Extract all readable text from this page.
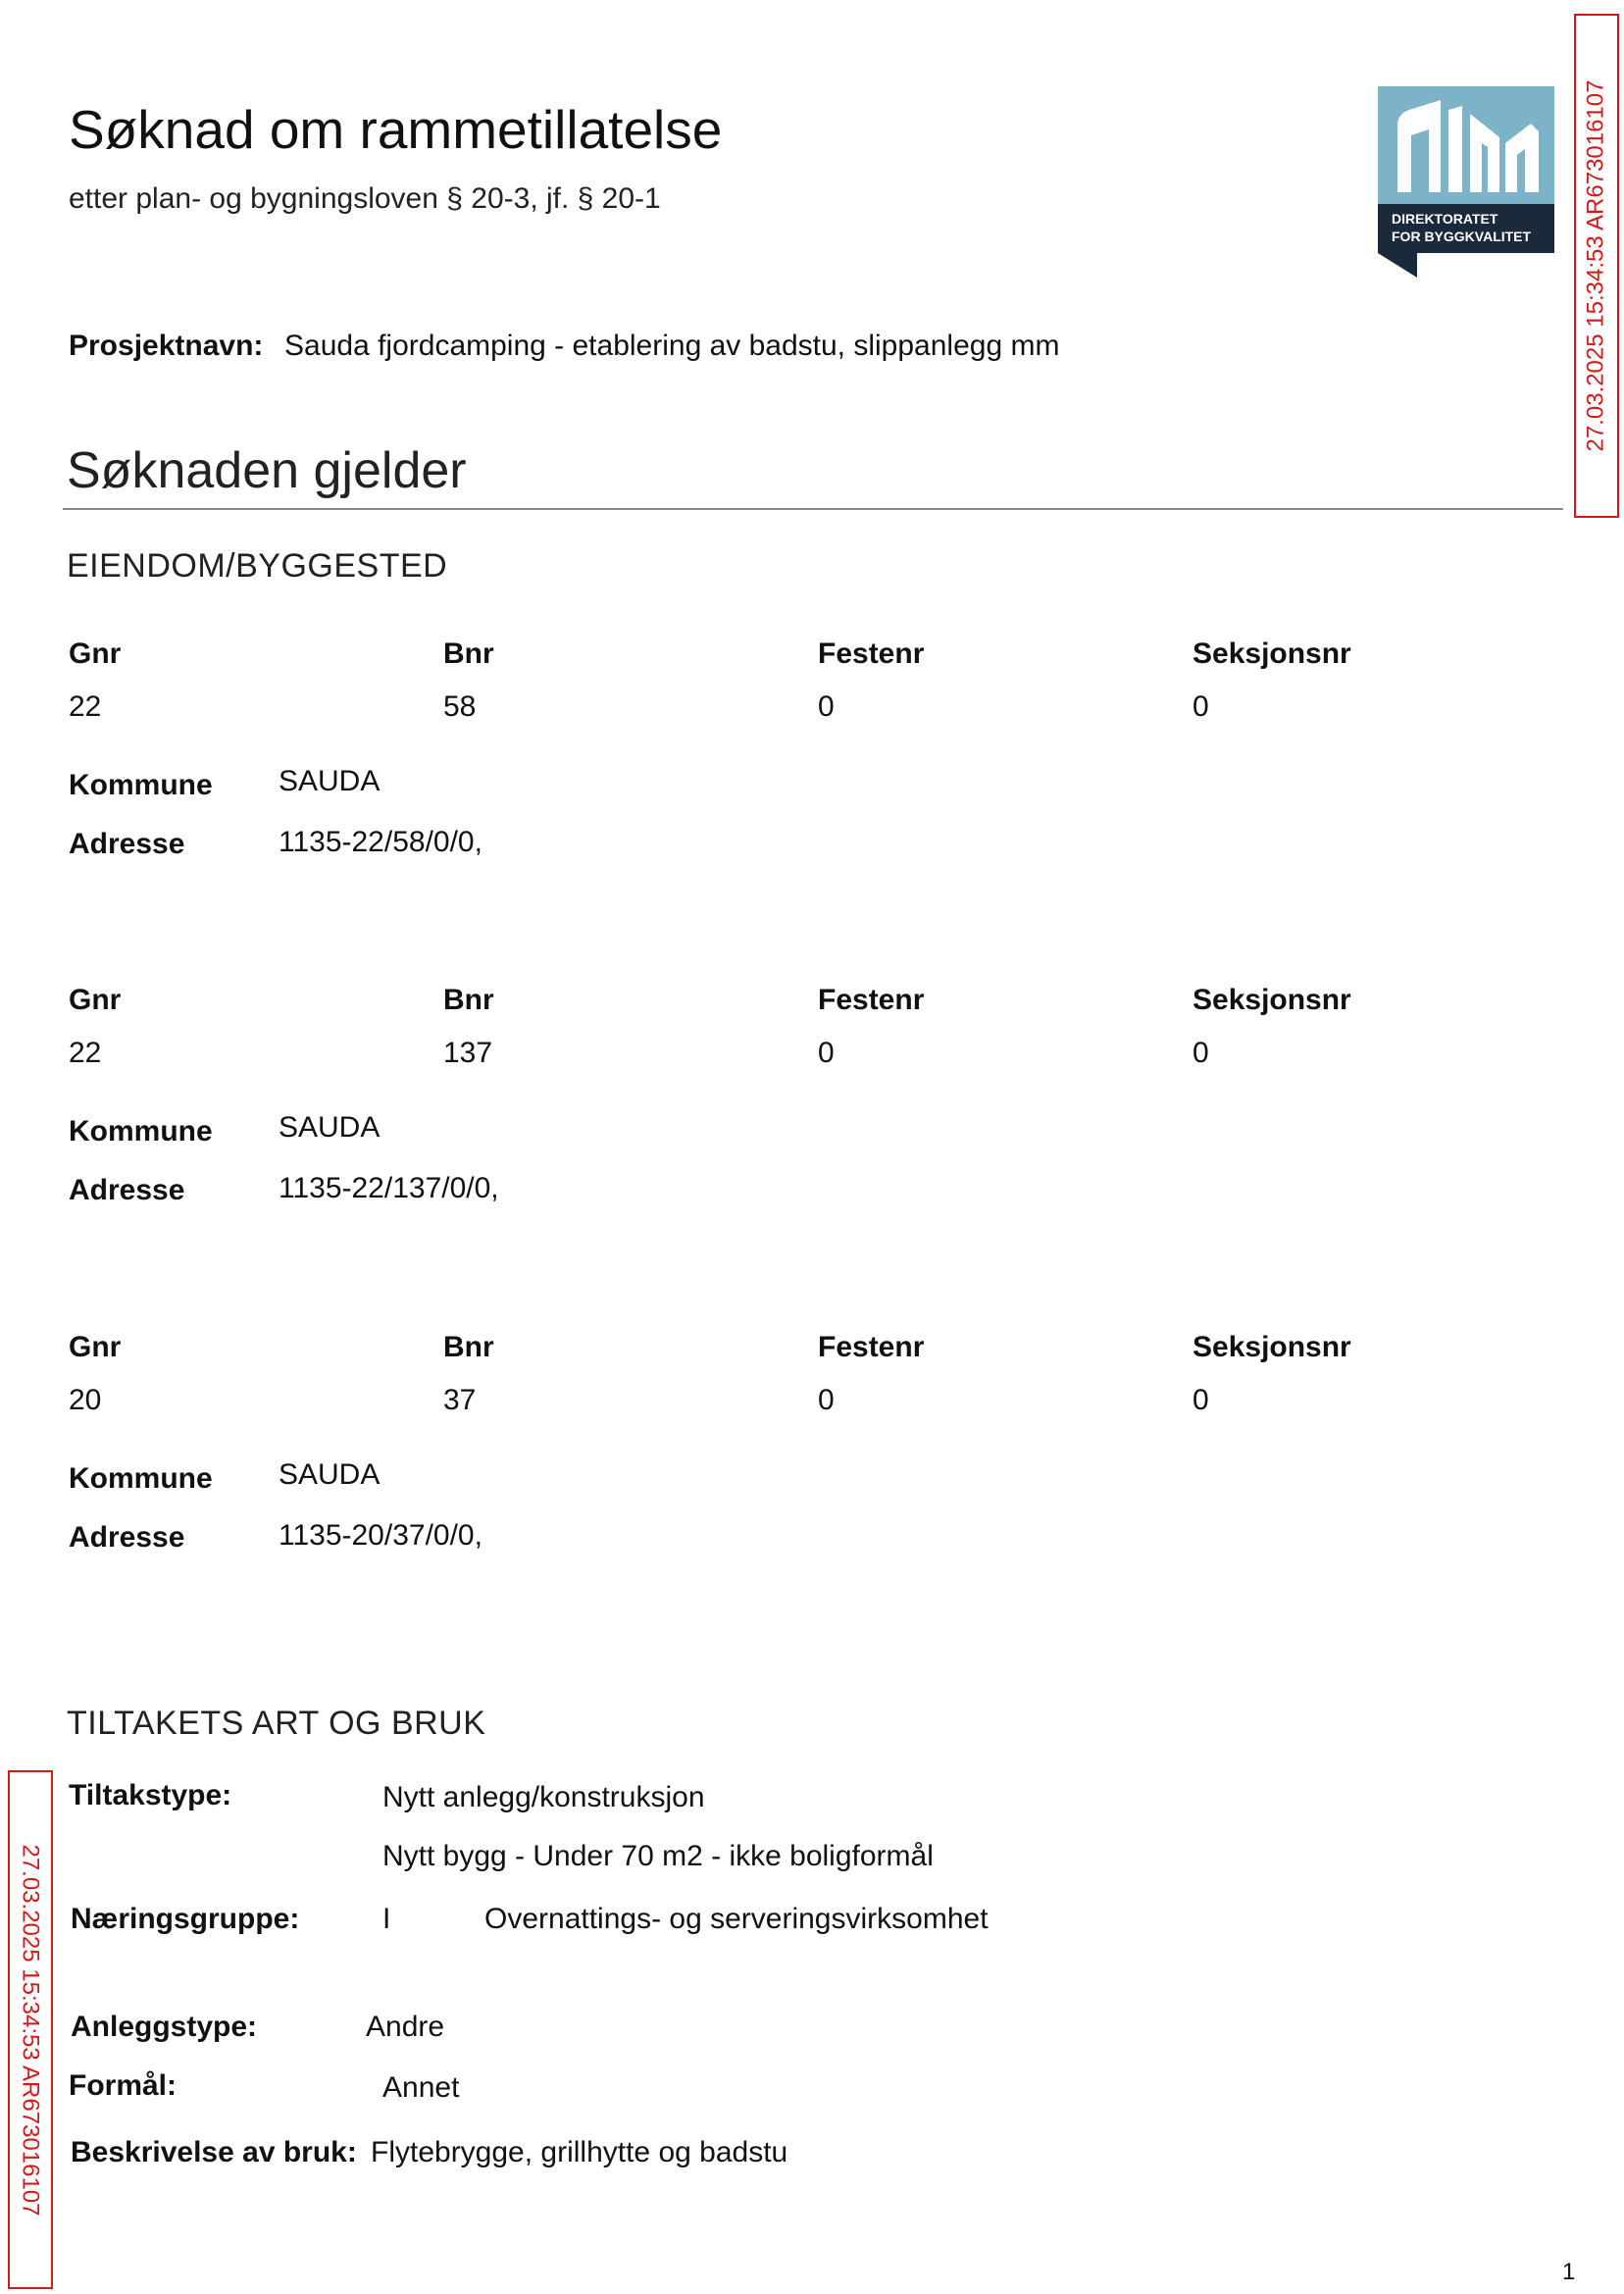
Søknad om rammetillatelse
etter plan- og bygningsloven § 20-3, jf. § 20-1
DIREKTORATET
FOR BYGGKVALITET
Prosjektnavn: Sauda fjordcamping - etablering av badstu, slippanlegg mm
Søknaden gjelder
EIENDOM/BYGGESTED
Gnr	Bnr	Festenr	Seksjonsnr
22	58	0	0
Kommune SAUDA
Adresse	1135-22/58/0/0,
Gnr	Bnr	Festenr	Seksjonsnr
22	137	0	0
Kommune SAUDA
Adresse	1135-22/137/0/0,
Gnr	Bnr	Festenr	Seksjonsnr
20	37	0	0
Kommune SAUDA
Adresse	1135-20/37/0/0,
TILTAKETS ART OG BRUK
Tiltakstype:	Nytt anlegg/konstruksjon
Nytt bygg - Under 70 m2 - ikke boligformål
Næringsgruppe:	I	Overnattings- og serveringsvirksomhet
Anleggstype:	Andre
Formål:	Annet
Beskrivelse av bruk: Flytebrygge, grillhytte og badstu
27.03.2025 15:34:53 AR673016107
27.03.2025 15:34:53 AR673016107
1
